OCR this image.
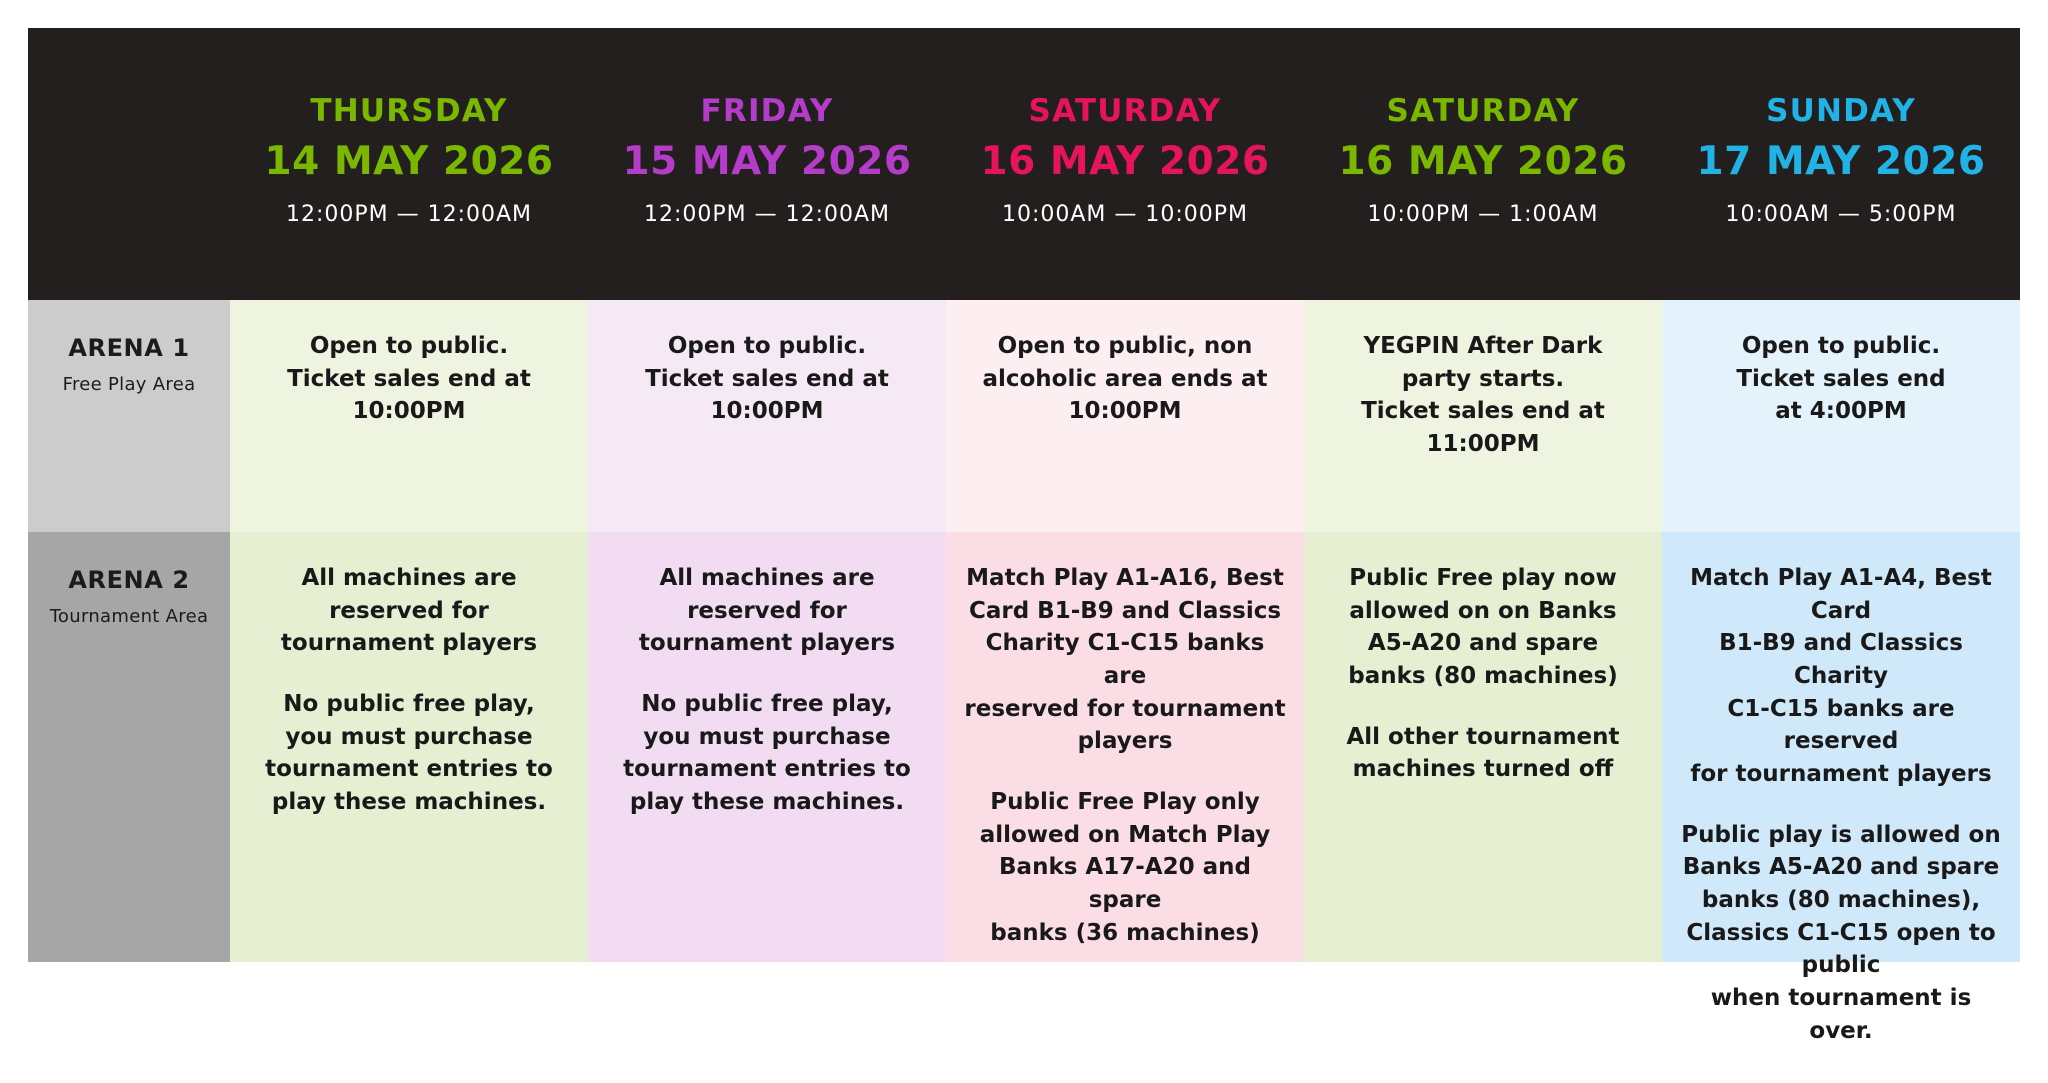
THURSDAY
14 MAY 2026
12:00PM — 12:00AM
FRIDAY
15 MAY 2026
12:00PM — 12:00AM
SATURDAY
16 MAY 2026
10:00AM — 10:00PM
SATURDAY
16 MAY 2026
10:00PM — 1:00AM
SUNDAY
17 MAY 2026
10:00AM — 5:00PM
ARENA 1
Free Play Area

Open to public.
Ticket sales end at
10:00PM

Open to public.
Ticket sales end at
10:00PM

Open to public, non
alcoholic area ends at
10:00PM

YEGPIN After Dark
party starts.
Ticket sales end at
11:00PM

Open to public.
Ticket sales end
at 4:00PM

ARENA 2
Tournament Area

All machines are
reserved for
tournament players

No public free play,
you must purchase
tournament entries to
play these machines.

All machines are
reserved for
tournament players

No public free play,
you must purchase
tournament entries to
play these machines.

Match Play A1-A16, Best
Card B1-B9 and Classics
Charity C1-C15 banks are
reserved for tournament
players

Public Free Play only
allowed on Match Play
Banks A17-A20 and spare
banks (36 machines)

Public Free play now
allowed on on Banks
A5-A20 and spare
banks (80 machines)

All other tournament
machines turned off

Match Play A1-A4, Best Card
B1-B9 and Classics Charity
C1-C15 banks are reserved
for tournament players

Public play is allowed on
Banks A5-A20 and spare
banks (80 machines),
Classics C1-C15 open to public
when tournament is over.
